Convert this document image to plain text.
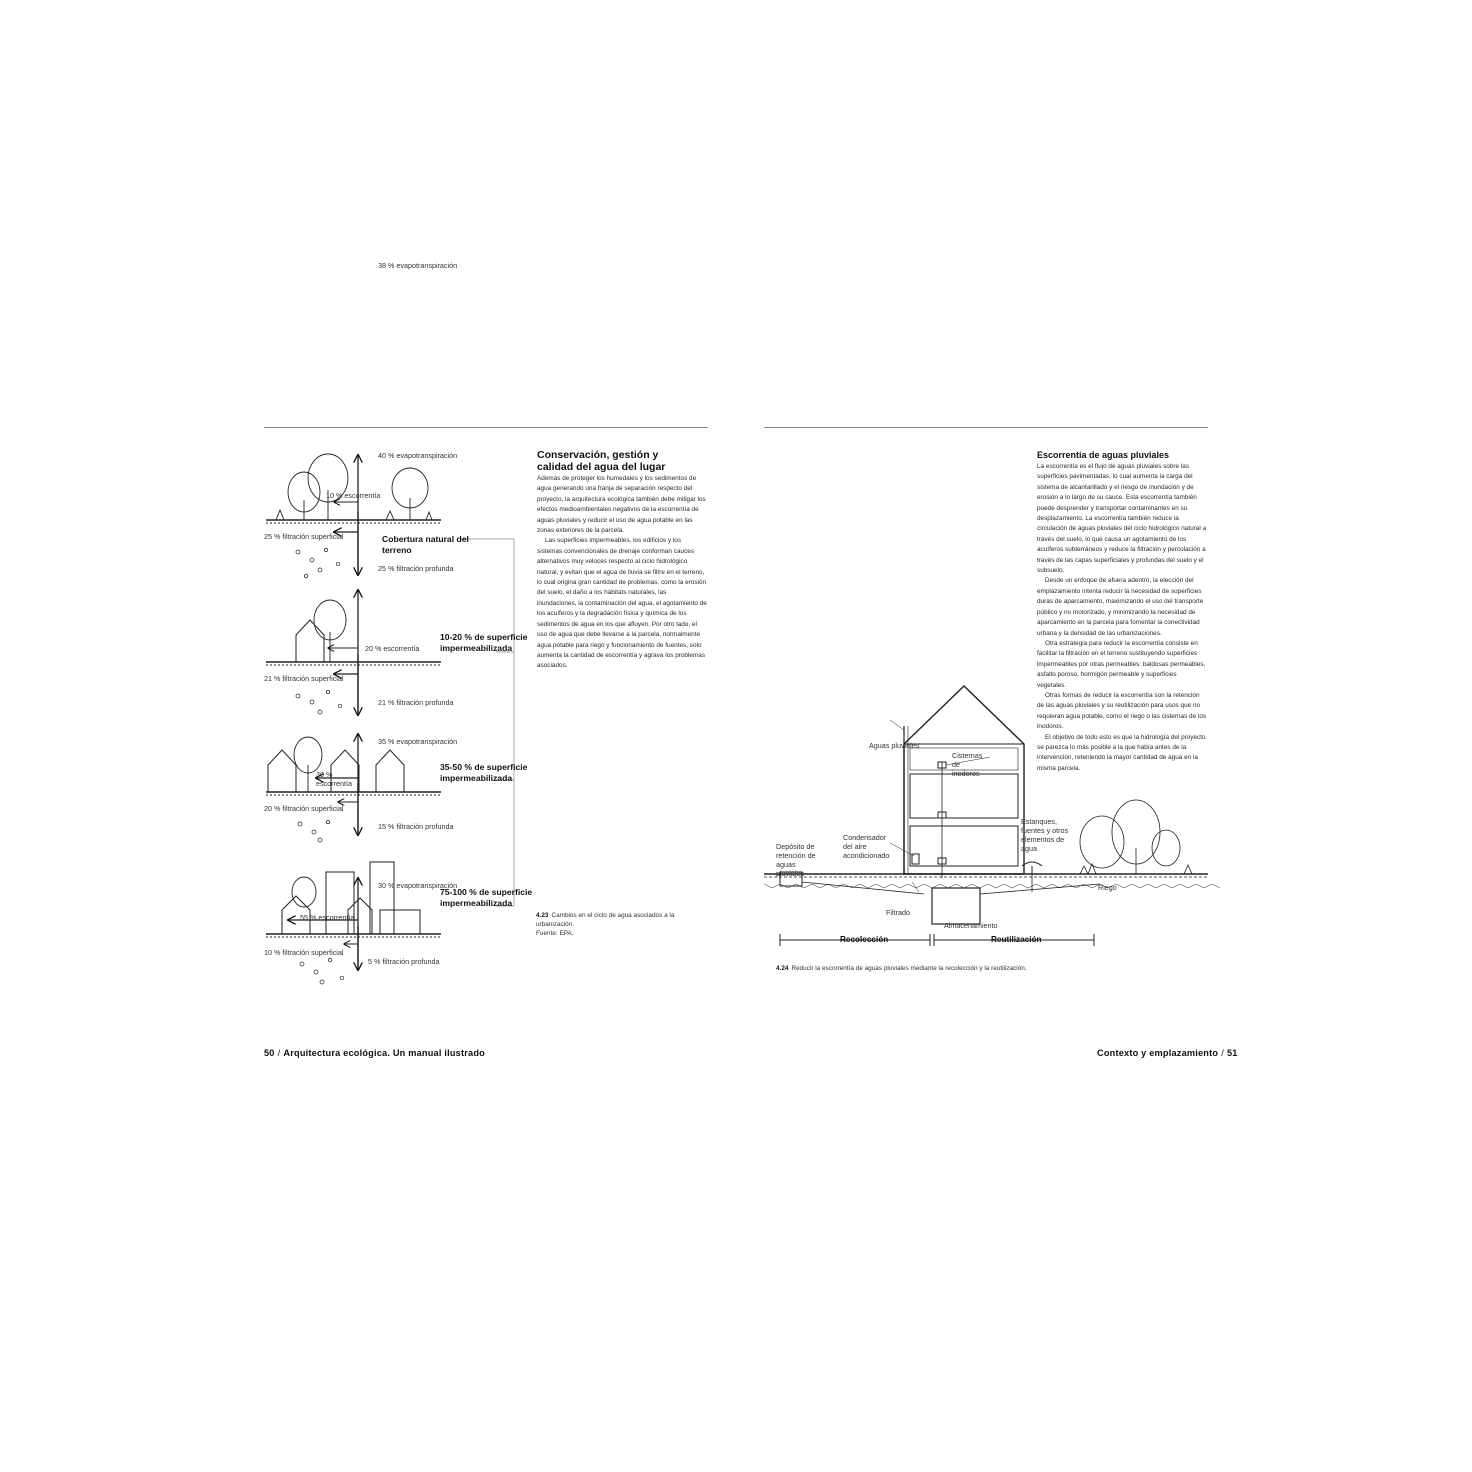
40 % evapotranspiración

10 % escorrentía

25 % filtración superficial

25 % filtración profunda

Cobertura natural del terreno

38 % evapotranspiración

20 % escorrentía

21 % filtración superficial

21 % filtración profunda

10-20 % de superficie impermeabilizada

35 % evapotranspiración

30 % escorrentía

20 % filtración superficial

15 % filtración profunda

35-50 % de superficie impermeabilizada

30 % evapotranspiración

55 % escorrentía

10 % filtración superficial

5 % filtración profunda

75-100 % de superficie impermeabilizada

4.23 Cambios en el ciclo de agua asociados a la urbanización.
Fuente: EPA.

Conservación, gestión y calidad del agua del lugar

Además de proteger los humedales y los sedimentos de agua generando una franja de separación respecto del proyecto, la arquitectura ecológica también debe mitigar los efectos medioambientales negativos de la escorrentía de aguas pluviales y reducir el uso de agua potable en las zonas exteriores de la parcela.

Las superficies impermeables, los edificios y los sistemas convencionales de drenaje conforman cauces alternativos muy veloces respecto al ciclo hidrológico natural, y evitan que el agua de lluvia se filtre en el terreno, lo cual origina gran cantidad de problemas, como la erosión del suelo, el daño a los hábitats naturales, las inundaciones, la contaminación del agua, el agotamiento de los acuíferos y la degradación física y química de los sedimentos de agua en los que afluyen. Por otro lado, el uso de agua que debe llevarse a la parcela, normalmente agua potable para riego y funcionamiento de fuentes, solo aumenta la cantidad de escorrentía y agrava los problemas asociados.

50 / Arquitectura ecológica. Un manual ilustrado

Escorrentía de aguas pluviales

La escorrentía es el flujo de aguas pluviales sobre las superficies pavimentadas, lo cual aumenta la carga del sistema de alcantarillado y el riesgo de inundación y de erosión a lo largo de su cauce. Esta escorrentía también puede desprender y transportar contaminantes en su desplazamiento. La escorrentía también reduce la circulación de aguas pluviales del ciclo hidrológico natural a través del suelo, lo que causa un agotamiento de los acuíferos subterráneos y reduce la filtración y percolación a través de las capas superficiales y profundas del suelo y el subsuelo.

Desde un enfoque de afuera adentro, la elección del emplazamiento intenta reducir la necesidad de superficies duras de aparcamiento, maximizando el uso del transporte público y no motorizado, y minimizando la necesidad de aparcamiento en la parcela para fomentar la conectividad urbana y la densidad de las urbanizaciones.

Otra estrategia para reducir la escorrentía consiste en facilitar la filtración en el terreno sustituyendo superficies impermeables por otras permeables: baldosas permeables, asfalto poroso, hormigón permeable y superficies vegetales.

Otras formas de reducir la escorrentía son la retención de las aguas pluviales y su reutilización para usos que no requieran agua potable, como el riego o las cisternas de los inodoros.

El objetivo de todo esto es que la hidrología del proyecto se parezca lo más posible a la que había antes de la intervención, reteniendo la mayor cantidad de agua en la misma parcela.

Aguas pluviales

Cisternas de inodoros

Condensador del aire acondicionado

Depósito de retención de aguas pluviales

Estanques, fuentes y otros elementos de agua

Riego

Filtrado

Almacenamiento

Recolección	Reutilización

4.24 Reducir la escorrentía de aguas pluviales mediante la recolección y la reutilización.

Contexto y emplazamiento / 51
